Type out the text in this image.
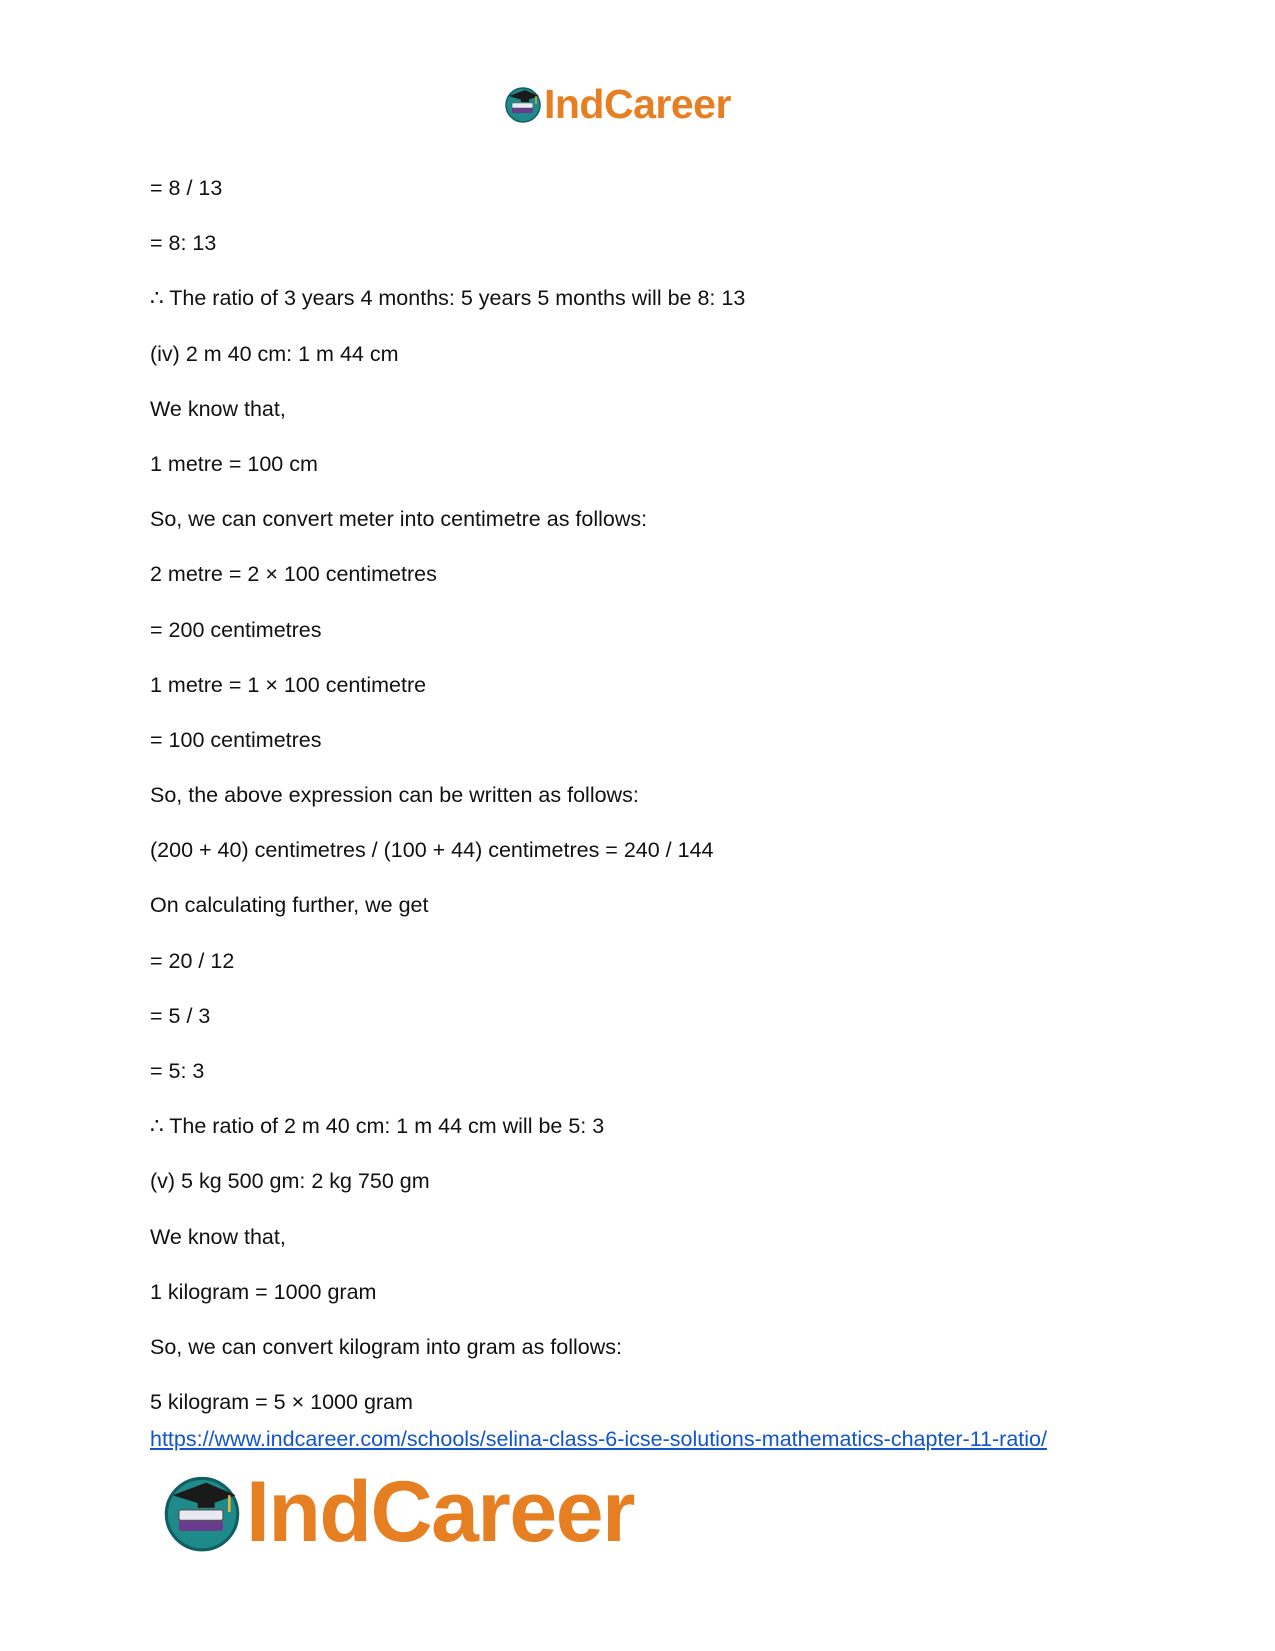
IndCareer
= 8 / 13
= 8: 13
∴ The ratio of 3 years 4 months: 5 years 5 months will be 8: 13
(iv) 2 m 40 cm: 1 m 44 cm
We know that,
1 metre = 100 cm
So, we can convert meter into centimetre as follows:
2 metre = 2 × 100 centimetres
= 200 centimetres
1 metre = 1 × 100 centimetre
= 100 centimetres
So, the above expression can be written as follows:
(200 + 40) centimetres / (100 + 44) centimetres = 240 / 144
On calculating further, we get
= 20 / 12
= 5 / 3
= 5: 3
∴ The ratio of 2 m 40 cm: 1 m 44 cm will be 5: 3
(v) 5 kg 500 gm: 2 kg 750 gm
We know that,
1 kilogram = 1000 gram
So, we can convert kilogram into gram as follows:
5 kilogram = 5 × 1000 gram
https://www.indcareer.com/schools/selina-class-6-icse-solutions-mathematics-chapter-11-ratio/
IndCareer
